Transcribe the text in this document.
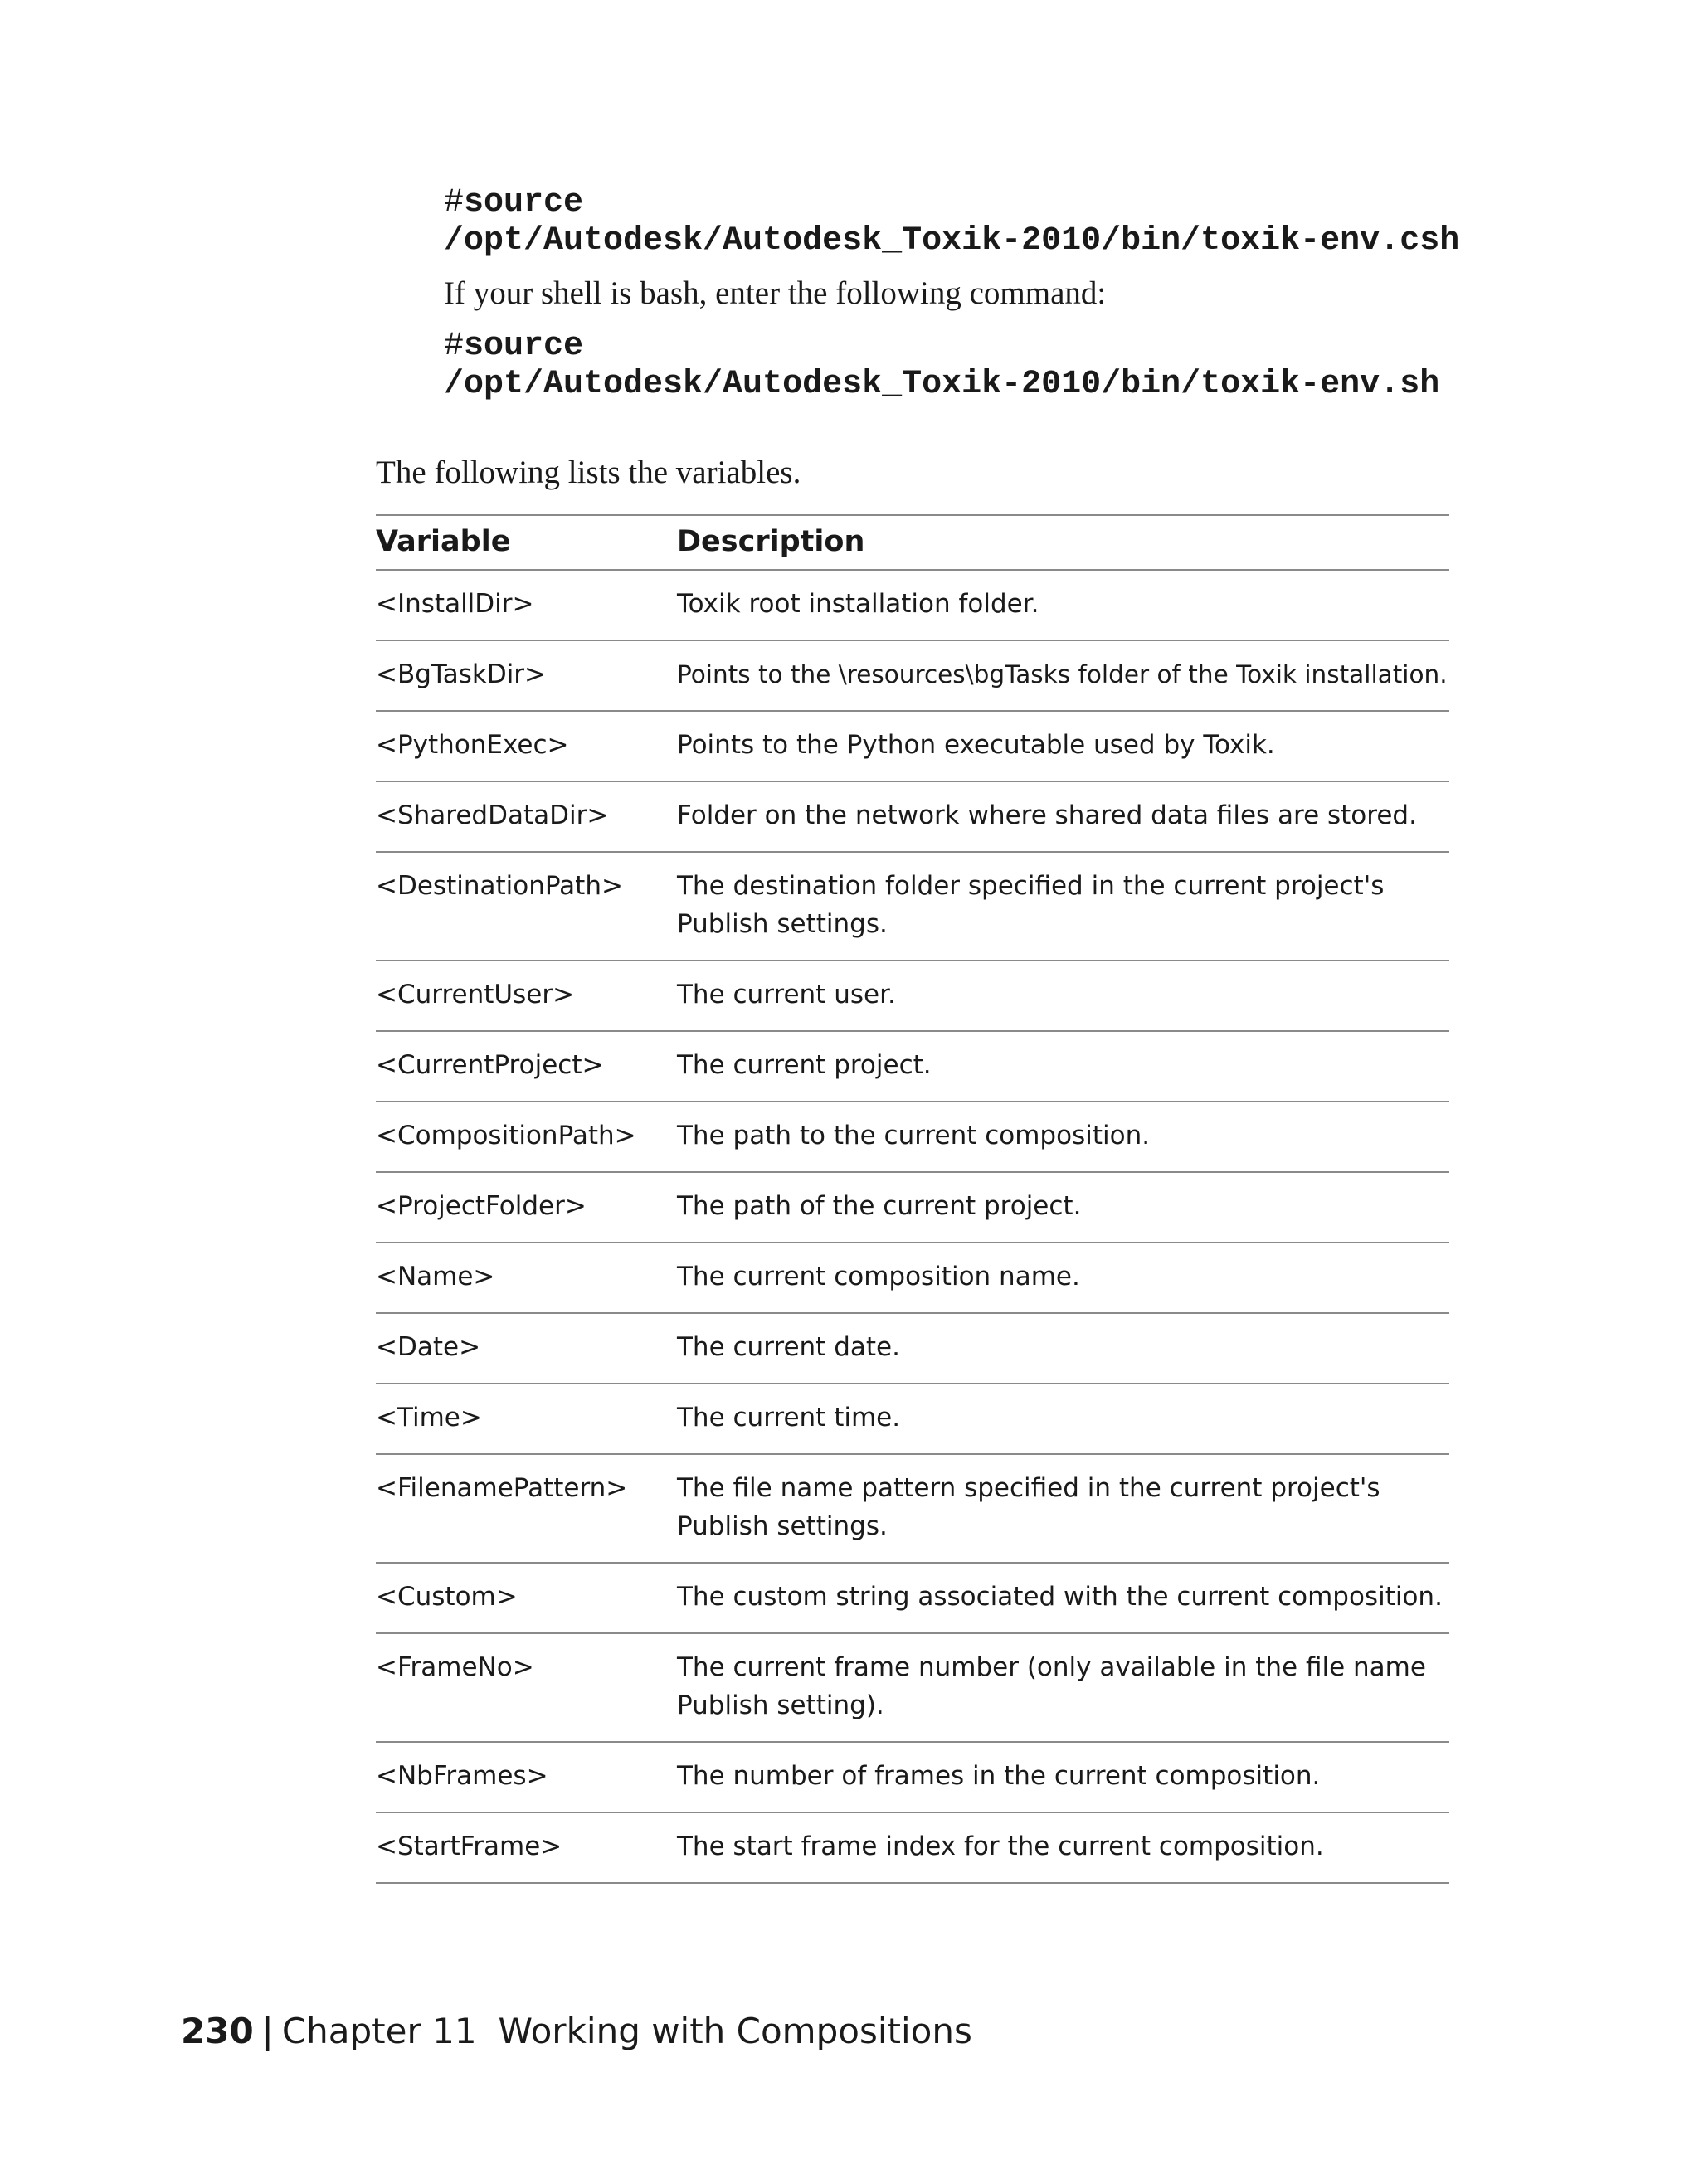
#source
/opt/Autodesk/Autodesk_Toxik-2010/bin/toxik-env.csh
If your shell is bash, enter the following command:
#source
/opt/Autodesk/Autodesk_Toxik-2010/bin/toxik-env.sh
The following lists the variables.
Variable	Description
<InstallDir>	Toxik root installation folder.
<BgTaskDir>	Points to the \resources\bgTasks folder of the Toxik installation.
<PythonExec>	Points to the Python executable used by Toxik.
<SharedDataDir>	Folder on the network where shared data files are stored.
<DestinationPath>	The destination folder specified in the current project's Publish settings.
<CurrentUser>	The current user.
<CurrentProject>	The current project.
<CompositionPath>	The path to the current composition.
<ProjectFolder>	The path of the current project.
<Name>	The current composition name.
<Date>	The current date.
<Time>	The current time.
<FilenamePattern>	The file name pattern specified in the current project's Publish settings.
<Custom>	The custom string associated with the current composition.
<FrameNo>	The current frame number (only available in the file name Publish setting).
<NbFrames>	The number of frames in the current composition.
<StartFrame>	The start frame index for the current composition.
230 | Chapter 11 Working with Compositions
